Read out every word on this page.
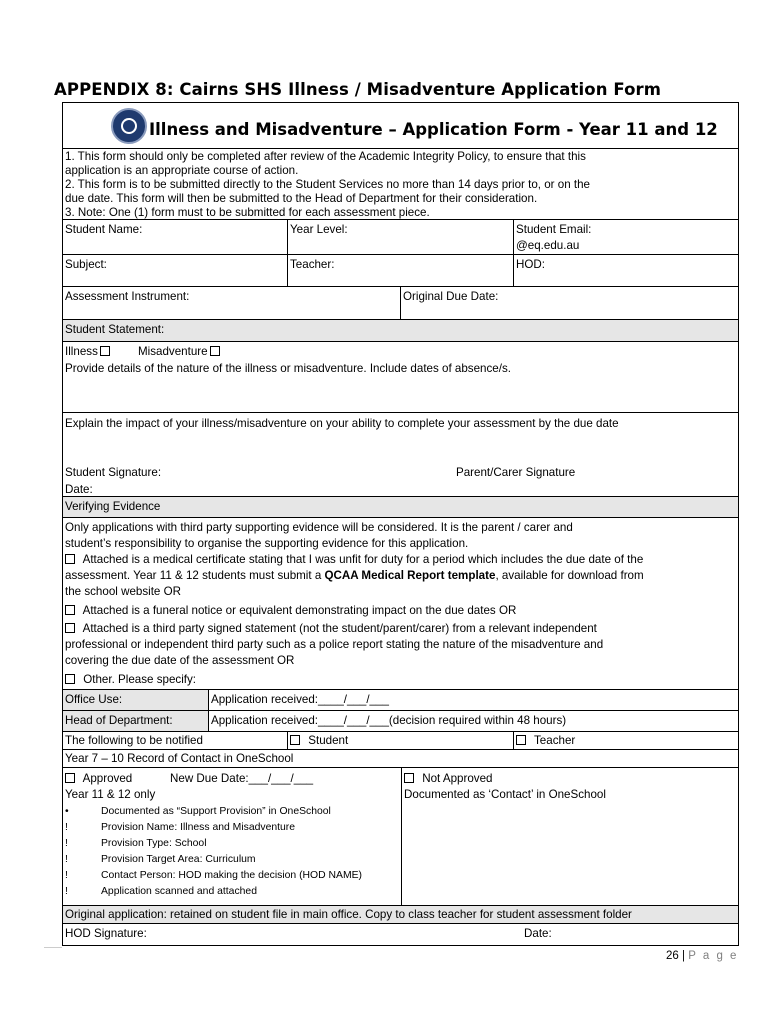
APPENDIX 8: Cairns SHS Illness / Misadventure Application Form
Illness and Misadventure – Application Form - Year 11 and 12
1. This form should only be completed after review of the Academic Integrity Policy, to ensure that this
application is an appropriate course of action.
2. This form is to be submitted directly to the Student Services no more than 14 days prior to, or on the
due date. This form will then be submitted to the Head of Department for their consideration.
3. Note: One (1) form must to be submitted for each assessment piece.
Student Name:	Year Level:	Student Email:
@eq.edu.au
Subject:	Teacher:	HOD:
Assessment Instrument:	Original Due Date:
Student Statement:
Illness	Misadventure
Provide details of the nature of the illness or misadventure. Include dates of absence/s.
Explain the impact of your illness/misadventure on your ability to complete your assessment by the due date
Student Signature:	Parent/Carer Signature
Date:
Verifying Evidence
Only applications with third party supporting evidence will be considered. It is the parent / carer and
student’s responsibility to organise the supporting evidence for this application.
Attached is a medical certificate stating that I was unfit for duty for a period which includes the due date of the
assessment. Year 11 & 12 students must submit a QCAA Medical Report template, available for download from
the school website OR
Attached is a funeral notice or equivalent demonstrating impact on the due dates OR
Attached is a third party signed statement (not the student/parent/carer) from a relevant independent
professional or independent third party such as a police report stating the nature of the misadventure and
covering the due date of the assessment OR
Other. Please specify:
Office Use:	Application received:____/___/___
Head of Department:	Application received:____/___/___(decision required within 48 hours)
The following to be notified	Student	Teacher
Year 7 – 10 Record of Contact in OneSchool
Approved	New Due Date:___/___/___
Year 11 & 12 only
•	Documented as “Support Provision” in OneSchool
!	Provision Name: Illness and Misadventure
!	Provision Type: School
!	Provision Target Area: Curriculum
!	Contact Person: HOD making the decision (HOD NAME)
!	Application scanned and attached
Not Approved
Documented as ‘Contact’ in OneSchool
Original application: retained on student file in main office. Copy to class teacher for student assessment folder
HOD Signature:	Date:
26 | P a g e
